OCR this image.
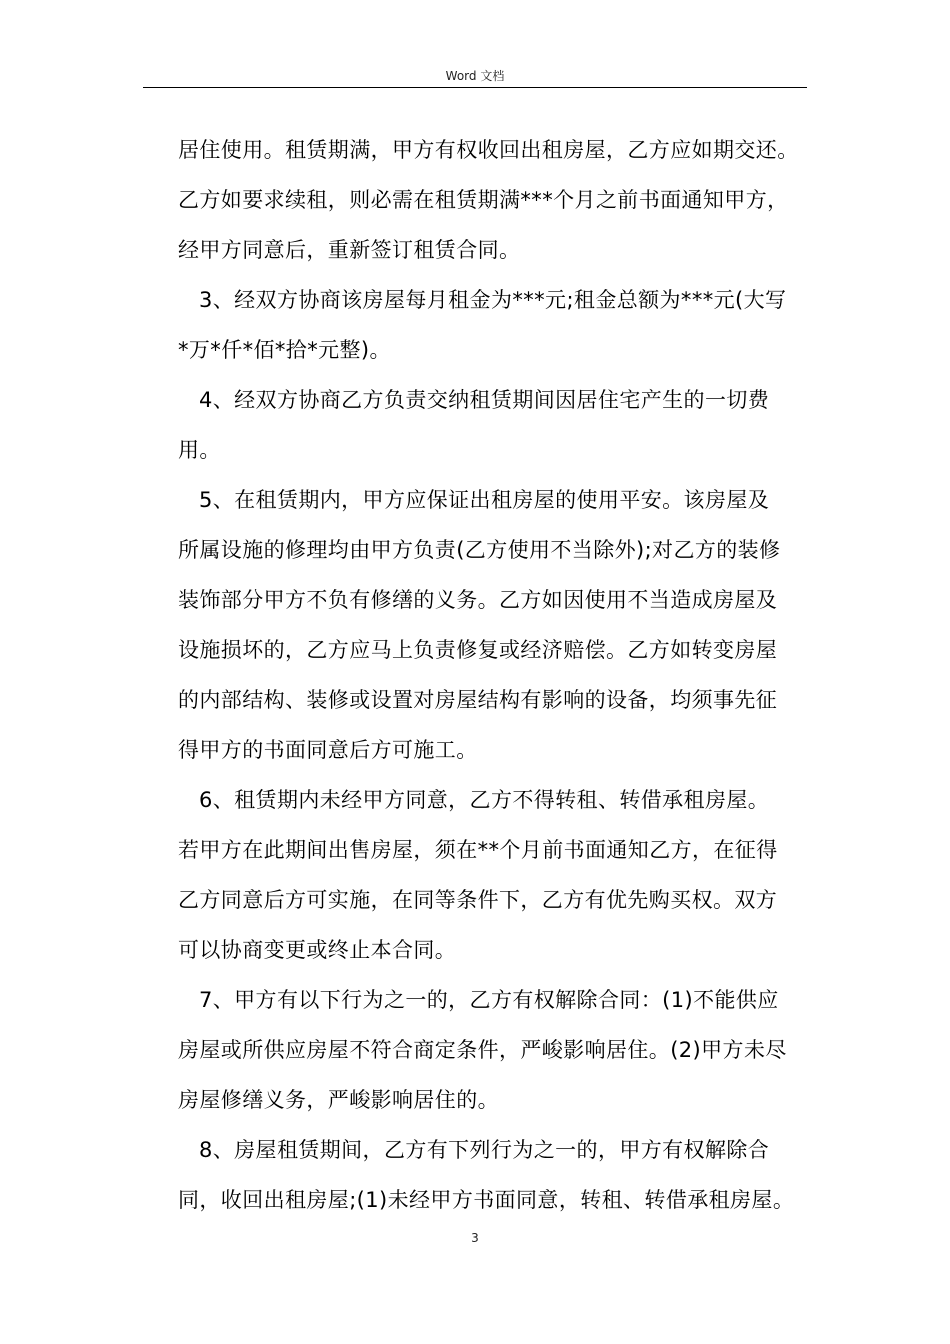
Word 文档
居住使用。租赁期满，甲方有权收回出租房屋，乙方应如期交还。
乙方如要求续租，则必需在租赁期满***个月之前书面通知甲方，
经甲方同意后，重新签订租赁合同。
3、经双方协商该房屋每月租金为***元;租金总额为***元(大写
*万*仟*佰*拾*元整)。
4、经双方协商乙方负责交纳租赁期间因居住宅产生的一切费
用。
5、在租赁期内，甲方应保证出租房屋的使用平安。该房屋及
所属设施的修理均由甲方负责(乙方使用不当除外);对乙方的装修
装饰部分甲方不负有修缮的义务。乙方如因使用不当造成房屋及
设施损坏的，乙方应马上负责修复或经济赔偿。乙方如转变房屋
的内部结构、装修或设置对房屋结构有影响的设备，均须事先征
得甲方的书面同意后方可施工。
6、租赁期内未经甲方同意，乙方不得转租、转借承租房屋。
若甲方在此期间出售房屋，须在**个月前书面通知乙方，在征得
乙方同意后方可实施，在同等条件下，乙方有优先购买权。双方
可以协商变更或终止本合同。
7、甲方有以下行为之一的，乙方有权解除合同：(1)不能供应
房屋或所供应房屋不符合商定条件，严峻影响居住。(2)甲方未尽
房屋修缮义务，严峻影响居住的。
8、房屋租赁期间，乙方有下列行为之一的，甲方有权解除合
同，收回出租房屋;(1)未经甲方书面同意，转租、转借承租房屋。
3
